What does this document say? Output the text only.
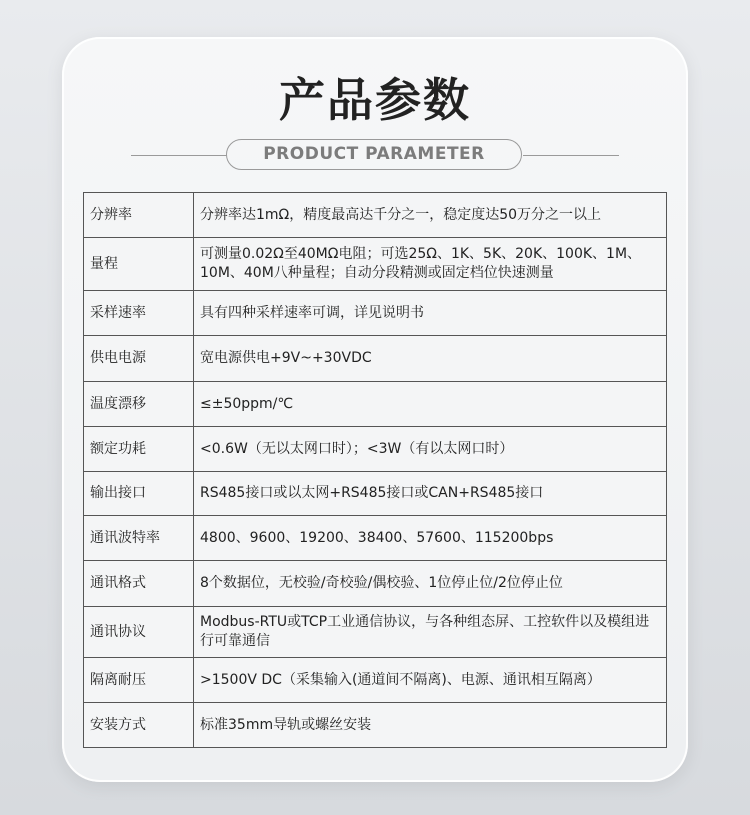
产品参数
PRODUCT PARAMETER
分辨率	分辨率达1mΩ，精度最高达千分之一，稳定度达50万分之一以上
量程	可测量0.02Ω至40MΩ电阻；可选25Ω、1K、5K、20K、100K、1M、10M、40M八种量程；自动分段精测或固定档位快速测量
采样速率	具有四种采样速率可调，详见说明书
供电电源	宽电源供电+9V~+30VDC
温度漂移	≤±50ppm/℃
额定功耗	<0.6W（无以太网口时）；<3W（有以太网口时）
输出接口	RS485接口或以太网+RS485接口或CAN+RS485接口
通讯波特率	4800、9600、19200、38400、57600、115200bps
通讯格式	8个数据位，无校验/奇校验/偶校验、1位停止位/2位停止位
通讯协议	Modbus-RTU或TCP工业通信协议，与各种组态屏、工控软件以及模组进行可靠通信
隔离耐压	>1500V DC（采集输入(通道间不隔离)、电源、通讯相互隔离）
安装方式	标准35mm导轨或螺丝安装
